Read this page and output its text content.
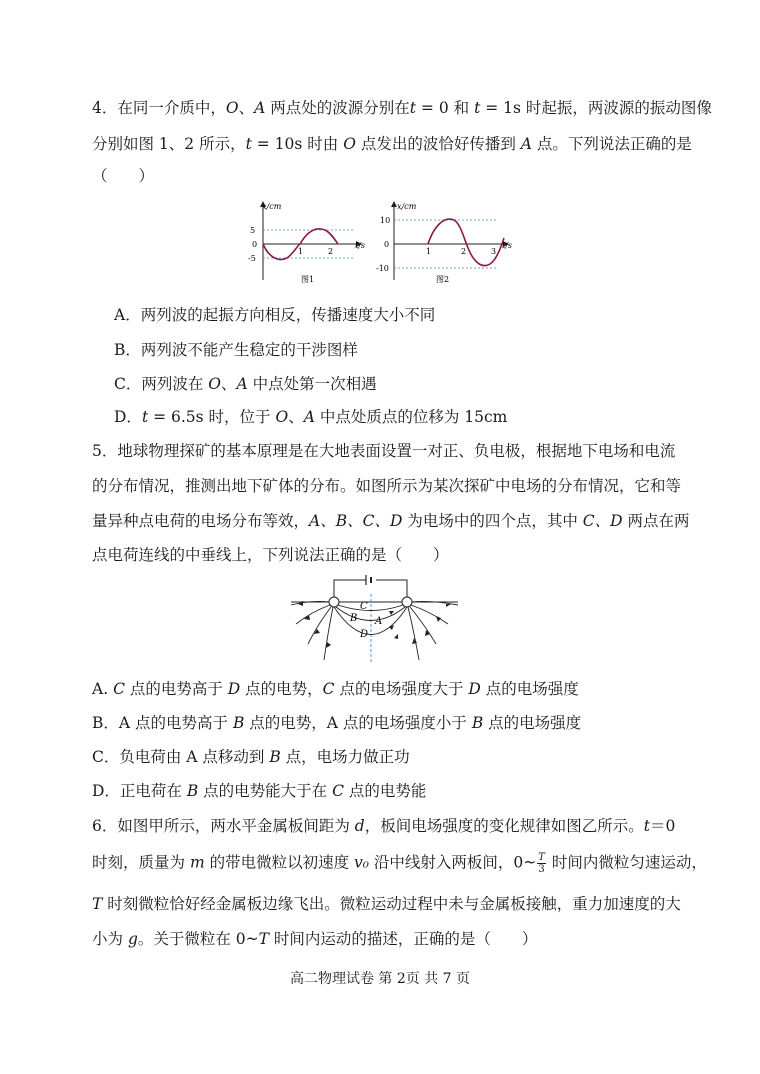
4．在同一介质中，O、A 两点处的波源分别在t = 0 和 t = 1s 时起振，两波源的振动图像
分别如图 1、2 所示，t = 10s 时由 O 点发出的波恰好传播到 A 点。下列说法正确的是
（　　）
x/cm
t/s
5
0
-5
1	2
图1
x/cm
t/s
10
0
-10
1	2	3
图2
A．两列波的起振方向相反，传播速度大小不同
B．两列波不能产生稳定的干涉图样
C．两列波在 O、A 中点处第一次相遇
D．t = 6.5s 时，位于 O、A 中点处质点的位移为 15cm
5．地球物理探矿的基本原理是在大地表面设置一对正、负电极，根据地下电场和电流
的分布情况，推测出地下矿体的分布。如图所示为某次探矿中电场的分布情况，它和等
量异种点电荷的电场分布等效，A、B、C、D 为电场中的四个点，其中 C、D 两点在两
点电荷连线的中垂线上，下列说法正确的是（　　）
C
B A
D
A. C 点的电势高于 D 点的电势，C 点的电场强度大于 D 点的电场强度
B．A 点的电势高于 B 点的电势，A 点的电场强度小于 B 点的电场强度
C．负电荷由 A 点移动到 B 点，电场力做正功
D．正电荷在 B 点的电势能大于在 C 点的电势能
6．如图甲所示，两水平金属板间距为 d，板间电场强度的变化规律如图乙所示。t＝0
时刻，质量为 m 的带电微粒以初速度 v₀ 沿中线射入两板间，0~ $\frac{T}{3}$ 时间内微粒匀速运动，
T 时刻微粒恰好经金属板边缘飞出。微粒运动过程中未与金属板接触，重力加速度的大
小为 g。关于微粒在 0~T 时间内运动的描述，正确的是（　　）
高二物理试卷 第 2页 共 7 页
